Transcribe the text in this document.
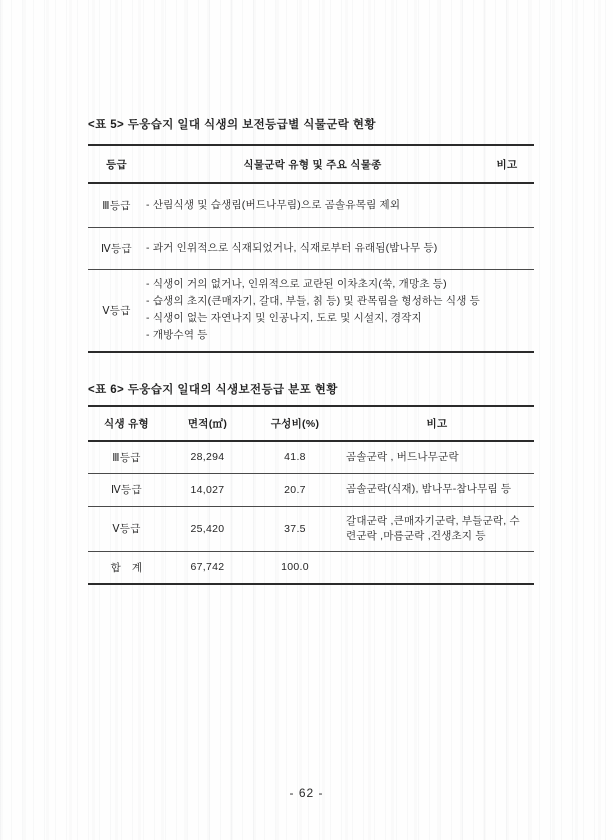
<표 5> 두웅습지 일대 식생의 보전등급별 식물군락 현황

등급	식물군락 유형 및 주요 식물종	비고
Ⅲ등급	- 산림식생 및 습생림(버드나무림)으로 곰솔유목림 제외	

Ⅳ등급	- 과거 인위적으로 식재되었거나, 식재로부터 유래됨(밤나무 등)	

Ⅴ등급	- 식생이 거의 없거나, 인위적으로 교란된 이차초지(쑥, 개망초 등)
- 습생의 초지(큰매자기, 갈대, 부들, 칡 등) 및 관목림을 형성하는 식생 등
- 식생이 없는 자연나지 및 인공나지, 도로 및 시설지, 경작지
- 개방수역 등	

<표 6> 두웅습지 일대의 식생보전등급 분포 현황

식생 유형	면적(㎡)	구성비(%)	비고
Ⅲ등급	28,294	41.8	곰솔군락 , 버드나무군락
Ⅳ등급	14,027	20.7	곰솔군락(식재), 밤나무-참나무림 등
Ⅴ등급	25,420	37.5	갈대군락 ,큰매자기군락, 부들군락, 수련군락 ,마름군락 ,건생초지 등
합　계	67,742	100.0	
- 62 -
